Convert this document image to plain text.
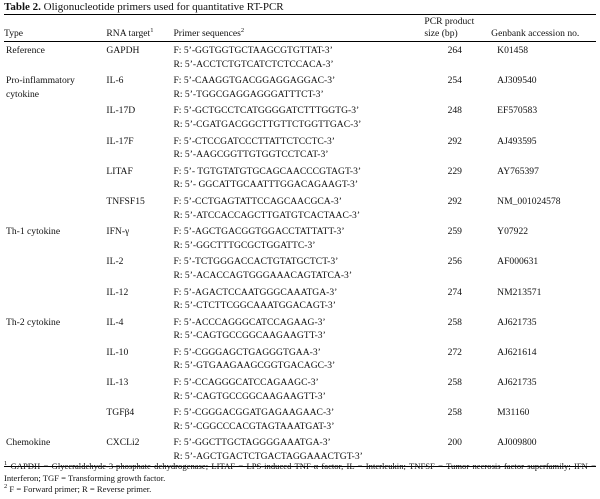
Table 2. Oligonucleotide primers used for quantitative RT-PCR
Type	RNA target$^1$	Primer sequences$^2$	PCR product
size (bp)	Genbank accession no.

Reference	GAPDH	F: 5’-GGTGGTGCTAAGCGTGTTAT-3’
R: 5’-ACCTCTGTCATCTCTCCACA-3’	264	K01458

Pro-inflammatory cytokine	IL-6	F: 5’-CAAGGTGACGGAGGAGGAC-3’
R: 5’-TGGCGAGGAGGGATTTCT-3’	254	AJ309540

	IL-17D	F: 5’-GCTGCCTCATGGGGATCTTTGGTG-3’
R: 5’-CGATGACGGCTTGTTCTGGTTGAC-3’	248	EF570583

	IL-17F	F: 5’-CTCCGATCCCTTATTCTCCTC-3’
R: 5’-AAGCGGTTGTGGTCCTCAT-3’	292	AJ493595

	LITAF	F: 5’- TGTGTATGTGCAGCAACCCGTAGT-3’
R: 5’- GGCATTGCAATTTGGACAGAAGT-3’	229	AY765397

	TNFSF15	F: 5’-CCTGAGTATTCCAGCAACGCA-3’
R: 5’-ATCCACCAGCTTGATGTCACTAAC-3’	292	NM_001024578

Th-1 cytokine	IFN-γ	F: 5’-AGCTGACGGTGGACCTATTATT-3’
R: 5’-GGCTTTGCGCTGGATTC-3’	259	Y07922

	IL-2	F: 5’-TCTGGGACCACTGTATGCTCT-3’
R: 5’-ACACCAGTGGGAAACAGTATCA-3’	256	AF000631

	IL-12	F: 5’-AGACTCCAATGGGCAAATGA-3’
R: 5’-CTCTTCGGCAAATGGACAGT-3’	274	NM213571

Th-2 cytokine	IL-4	F: 5’-ACCCAGGGCATCCAGAAG-3’
R: 5’-CAGTGCCGGCAAGAAGTT-3’	258	AJ621735

	IL-10	F: 5’-CGGGAGCTGAGGGTGAA-3’
R: 5’-GTGAAGAAGCGGTGACAGC-3’	272	AJ621614

	IL-13	F: 5’-CCAGGGCATCCAGAAGC-3’
R: 5’-CAGTGCCGGCAAGAAGTT-3’	258	AJ621735

	TGFβ4	F: 5’-CGGGACGGATGAGAAGAAC-3’
R: 5’-CGGCCCACGTAGTAAATGAT-3’	258	M31160

Chemokine	CXCLi2	F: 5’-GGCTTGCTAGGGGAAATGA-3’
R: 5’-AGCTGACTCTGACTAGGAAACTGT-3’	200	AJ009800

$^1$ GAPDH = Glyceraldehyde-3-phosphate dehydrogenase; LITAF = LPS-induced TNF-α factor, IL = Interleukin; TNFSF = Tumor necrosis factor superfamily; IFN = Interferon; TGF = Transforming growth factor.

$^2$ F = Forward primer; R = Reverse primer.
